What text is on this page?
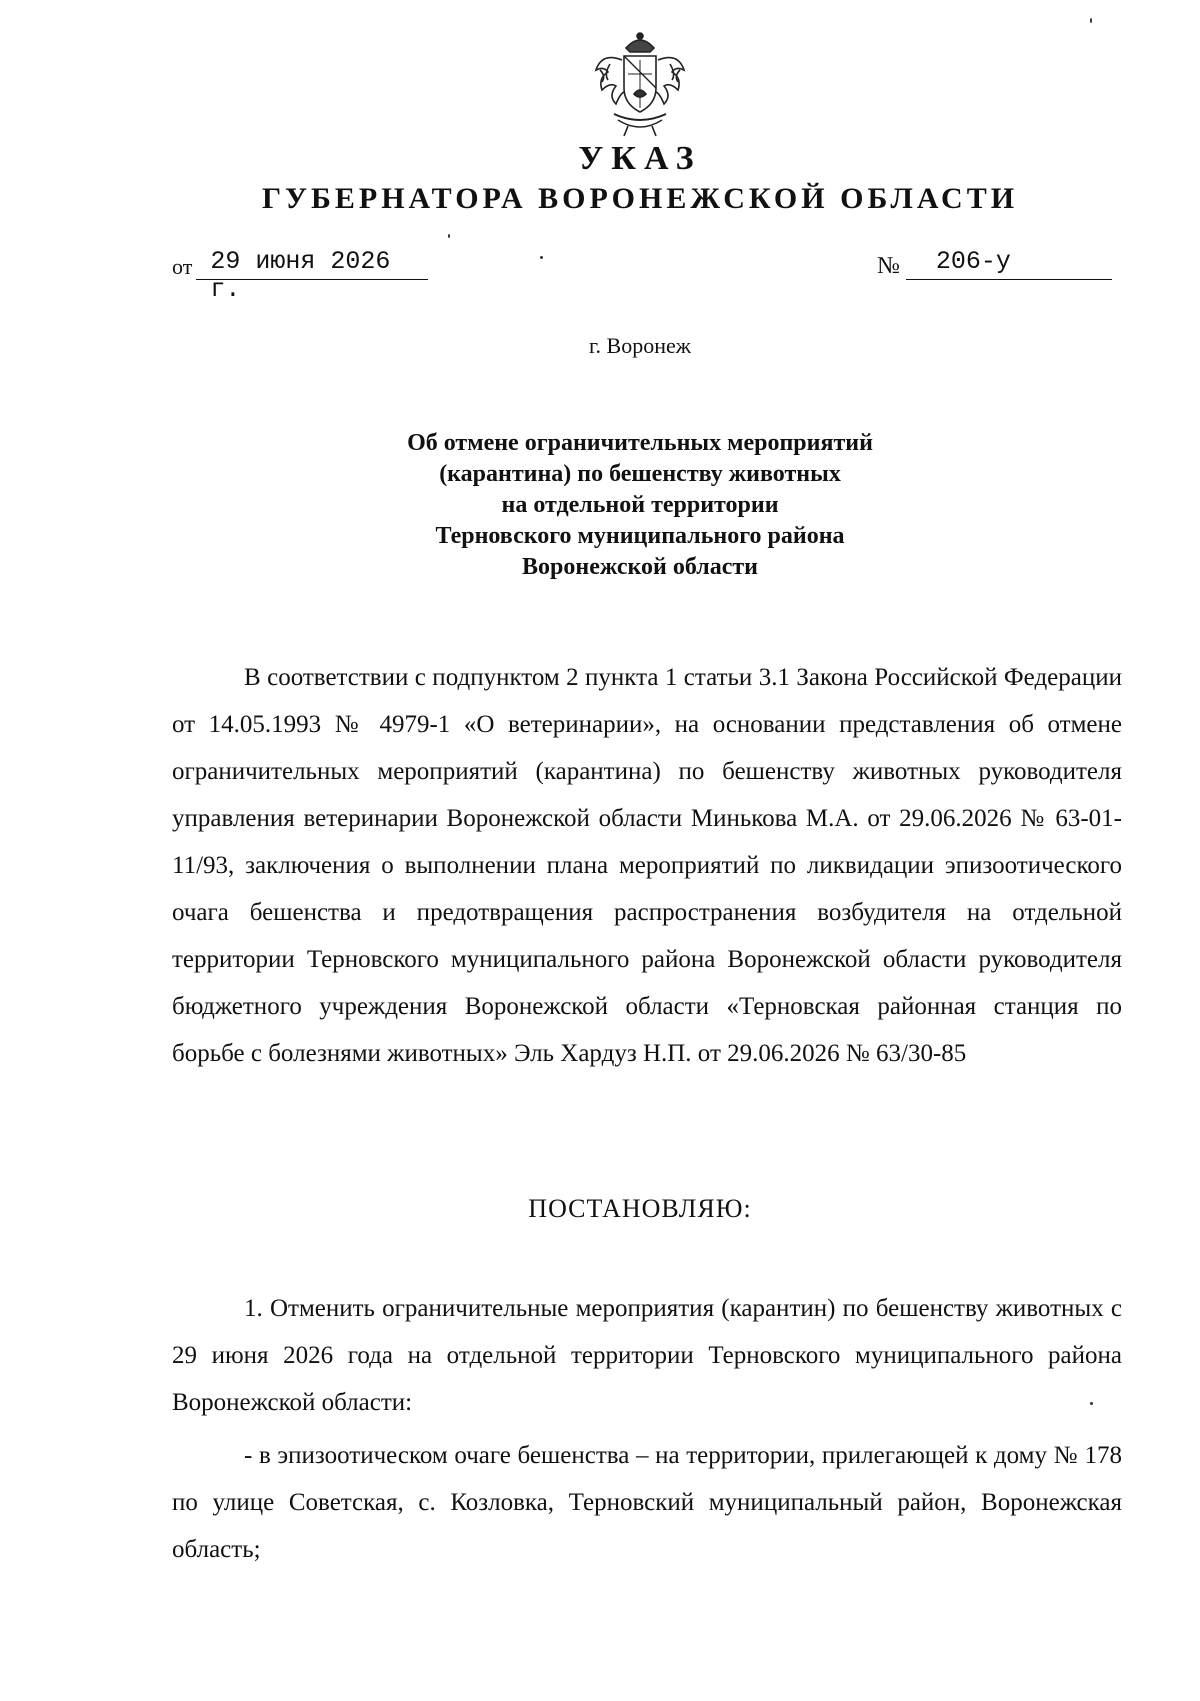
УКАЗ
ГУБЕРНАТОРА ВОРОНЕЖСКОЙ ОБЛАСТИ
от 29 июня 2026 г.
№	206-у
г. Воронеж
Об отмене ограничительных мероприятий
(карантина) по бешенству животных
на отдельной территории
Терновского муниципального района
Воронежской области
В соответствии с подпунктом 2 пункта 1 статьи 3.1 Закона Российской Федерации от 14.05.1993 № 4979-1 «О ветеринарии», на основании представления об отмене ограничительных мероприятий (карантина) по бешенству животных руководителя управления ветеринарии Воронежской области Минькова М.А. от 29.06.2026 № 63-01-11/93, заключения о выполнении плана мероприятий по ликвидации эпизоотического очага бешенства и предотвращения распространения возбудителя на отдельной территории Терновского муниципального района Воронежской области руководителя бюджетного учреждения Воронежской области «Терновская районная станция по борьбе с болезнями животных» Эль Хардуз Н.П. от 29.06.2026 № 63/30-85
ПОСТАНОВЛЯЮ:
1. Отменить ограничительные мероприятия (карантин) по бешенству животных с 29 июня 2026 года на отдельной территории Терновского муниципального района Воронежской области:
- в эпизоотическом очаге бешенства – на территории, прилегающей к дому № 178 по улице Советская, с. Козловка, Терновский муниципальный район, Воронежская область;
